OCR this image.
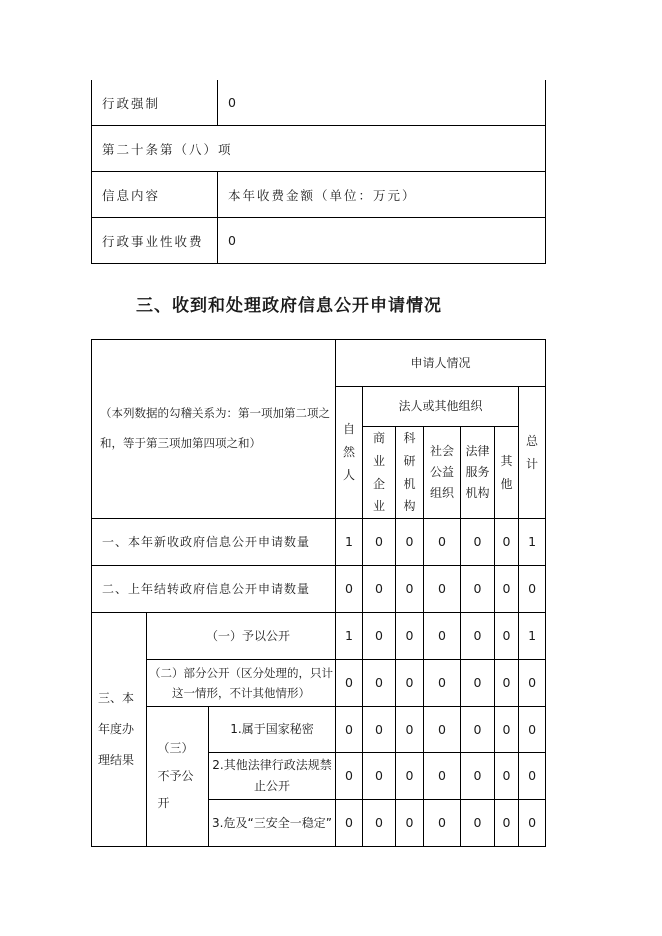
行政强制	0
第二十条第（八）项	
信息内容	本年收费金额（单位：万元）
行政事业性收费	0
三、收到和处理政府信息公开申请情况
（本列数据的勾稽关系为：第一项加第二项之和，等于第三项加第四项之和）			申请人情况						
			自然人	法人或其他组织					总计
				商业企业	科研机构	社会公益组织	法律服务机构	其他	
一、本年新收政府信息公开申请数量			1	0	0	0	0	0	1
二、上年结转政府信息公开申请数量			0	0	0	0	0	0	0
三、本年度办理结果	（一）予以公开		1	0	0	0	0	0	1
	（二）部分公开（区分处理的，只计这一情形，不计其他情形）		0	0	0	0	0	0	0
	（三）不予公开	1.属于国家秘密	0	0	0	0	0	0	0
		2.其他法律行政法规禁止公开	0	0	0	0	0	0	0
		3.危及“三安全一稳定”	0	0	0	0	0	0	0
